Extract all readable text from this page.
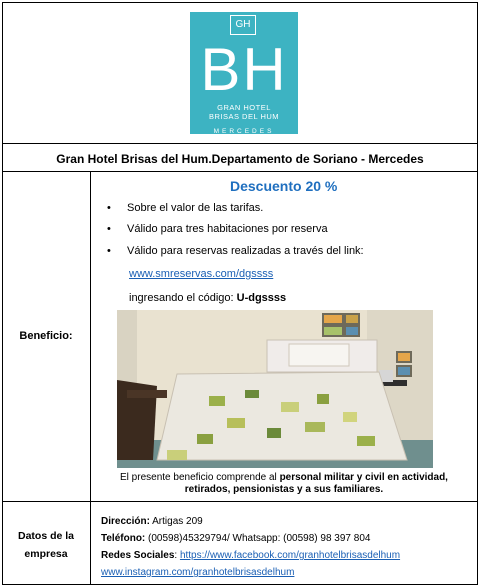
GH
BH
GRAN HOTEL
BRISAS DEL HUM
MERCEDES
Gran Hotel Brisas del Hum.Departamento de Soriano - Mercedes
Beneficio:
Descuento 20 %
• Sobre el valor de las tarifas.
• Válido para tres habitaciones por reserva
• Válido para reservas realizadas a través del link:
www.smreservas.com/dgssss
ingresando el código: U-dgssss
El presente beneficio comprende al personal militar y civil en actividad,
retirados, pensionistas y a sus familiares.
Datos de la
empresa
Dirección: Artigas 209
Teléfono: (00598)45329794/ Whatsapp: (00598) 98 397 804
Redes Sociales: https://www.facebook.com/granhotelbrisasdelhum
www.instagram.com/granhotelbrisasdelhum
